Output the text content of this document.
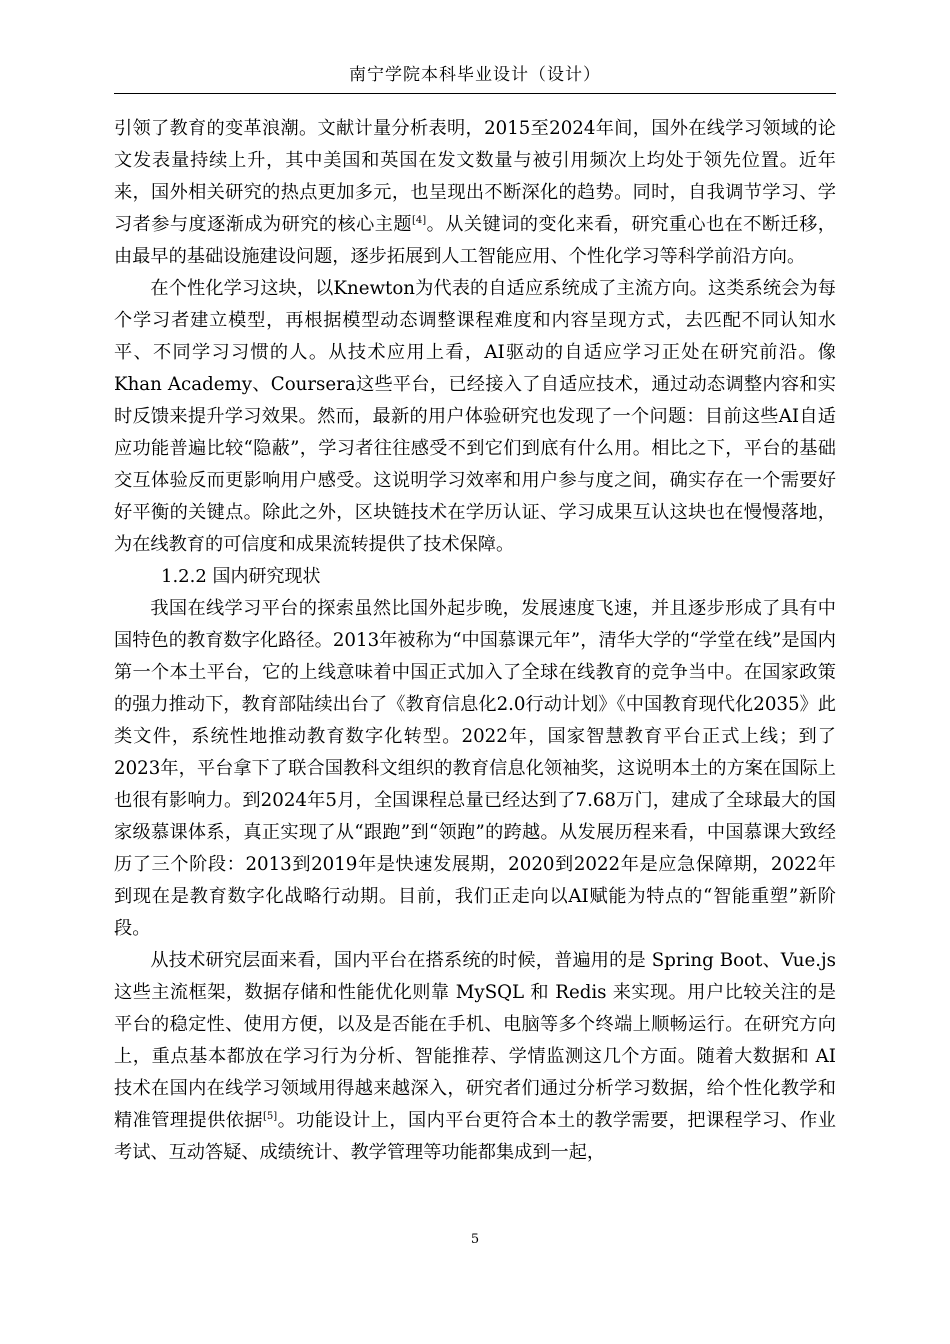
南宁学院本科毕业设计（设计）

引领了教育的变革浪潮。文献计量分析表明，2015至2024年间，国外在线学习领域的论文发表量持续上升，其中美国和英国在发文数量与被引用频次上均处于领先位置。近年来，国外相关研究的热点更加多元，也呈现出不断深化的趋势。同时，自我调节学习、学习者参与度逐渐成为研究的核心主题[4]。从关键词的变化来看，研究重心也在不断迁移，由最早的基础设施建设问题，逐步拓展到人工智能应用、个性化学习等科学前沿方向。

在个性化学习这块，以Knewton为代表的自适应系统成了主流方向。这类系统会为每个学习者建立模型，再根据模型动态调整课程难度和内容呈现方式，去匹配不同认知水平、不同学习习惯的人。从技术应用上看，AI驱动的自适应学习正处在研究前沿。像Khan Academy、Coursera这些平台，已经接入了自适应技术，通过动态调整内容和实时反馈来提升学习效果。然而，最新的用户体验研究也发现了一个问题：目前这些AI自适应功能普遍比较“隐蔽”，学习者往往感受不到它们到底有什么用。相比之下，平台的基础交互体验反而更影响用户感受。这说明学习效率和用户参与度之间，确实存在一个需要好好平衡的关键点。除此之外，区块链技术在学历认证、学习成果互认这块也在慢慢落地，为在线教育的可信度和成果流转提供了技术保障。

1.2.2 国内研究现状

我国在线学习平台的探索虽然比国外起步晚，发展速度飞速，并且逐步形成了具有中国特色的教育数字化路径。2013年被称为“中国慕课元年”，清华大学的“学堂在线”是国内第一个本土平台，它的上线意味着中国正式加入了全球在线教育的竞争当中。在国家政策的强力推动下，教育部陆续出台了《教育信息化2.0行动计划》《中国教育现代化2035》此类文件，系统性地推动教育数字化转型。2022年，国家智慧教育平台正式上线；到了2023年，平台拿下了联合国教科文组织的教育信息化领袖奖，这说明本土的方案在国际上也很有影响力。到2024年5月，全国课程总量已经达到了7.68万门，建成了全球最大的国家级慕课体系，真正实现了从“跟跑”到“领跑”的跨越。从发展历程来看，中国慕课大致经历了三个阶段：2013到2019年是快速发展期，2020到2022年是应急保障期，2022年到现在是教育数字化战略行动期。目前，我们正走向以AI赋能为特点的“智能重塑”新阶段。

从技术研究层面来看，国内平台在搭系统的时候，普遍用的是 Spring Boot、Vue.js 这些主流框架，数据存储和性能优化则靠 MySQL 和 Redis 来实现。用户比较关注的是平台的稳定性、使用方便，以及是否能在手机、电脑等多个终端上顺畅运行。在研究方向上，重点基本都放在学习行为分析、智能推荐、学情监测这几个方面。随着大数据和 AI 技术在国内在线学习领域用得越来越深入，研究者们通过分析学习数据，给个性化教学和精准管理提供依据[5]。功能设计上，国内平台更符合本土的教学需要，把课程学习、作业考试、互动答疑、成绩统计、教学管理等功能都集成到一起，

5
